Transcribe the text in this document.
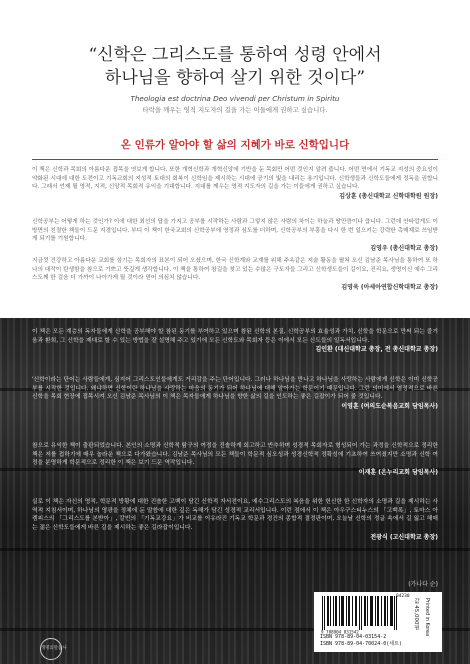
“신학은 그리스도를 통하여 성령 안에서
하나님을 향하여 살기 위한 것이다”
Theologia est doctrina Deo vivendi per Christum in Spiritu
타락을 깨우는 영적 지도자의 길을 가는 이들에게 권하고 싶습니다.
온 인류가 알아야 할 삶의 지혜가 바로 신학입니다
이 책은 신학과 목회의 아름다운 접목을 엿보게 합니다. 또한 개혁신학과 개혁신앙에 기반을 둔 목회만 어떤 것인지 알려 줍니다. 어떤 면에서 기독교 지성의 중요성이 약화된 시대에 대한 도전이고 기독교회의 지성적 토대의 회복이 신학임을 제시하는 시대에 공기의 빛을 내리는 용기입니다. 신학생들과 신학도들에게 정독을 권합니다. 그래서 언제 될 영적, 지적, 신앙적 목회적 유익을 기대합니다. 지대를 깨우는 영적 지도자의 길을 가는 이들에게 권하고 싶습니다.
김상훈 (총신대학교 신학대학원 원장)
신학공부는 어떻게 하는 것인가? 이에 대한 최선의 답을 가지고 공부를 시작하는 사람과 그렇지 않은 사람의 차이는 하늘과 땅만큼이나 큽니다. 그런데 안타깝게도 이 방면의 친절한 책들이 드문 지경입니다. 부디 이 책이 한국교회의 신학공부에 영정과 심도를 더하며, 신학공부의 부흥을 다시 한 번 일으키는 강력한 촉매제로 쓰임받게 되기를 기원합니다.
김영우 (총신대학교 총장)
지금껏 건강하고 아름다운 교회를 섬기는 목회자의 표본이 되어 오셨으며, 한국 신학계와 교계를 위해 주옥같은 저술 활동을 펼쳐 오신 김남준 목사님을 통하여 또 하나의 대작이 탄생함을 참으로 기쁘고 뜻깊게 생각합니다. 이 책을 통하여 참길을 찾고 있는 수많은 구도자들 그리고 신학생도들이 길이요, 진리요, 생명이신 예수 그리스도께 한 걸음 더 가까이 나아가게 될 것이라 믿어 의심치 않습니다.
김영욱 (아세아연합신학대학교 총장)
이 책은 모든 계층의 독자들에게 신학을 공부해야 할 참된 동기를 부여하고 있으며 참된 신학의 본질, 신학공부의 효율성과 가치, 신학을 학문으로 만써 되는 즐거움과 환희, 그 신학을 제대로 할 수 있는 방법을 잘 설명해 주고 있기에 모든 신학도와 목회자 등은 이에서 모든 신도들의 일독서입니다.
김인환 (대신대학교 총장, 전 총신대학교 총장)
'신학이라는 단어는 사람들에게, 심지어 그리스도인들에게도 거리감을 주는 단어입니다. 그러나 하나님을 만나고 하나님을 사랑하는 사람에게 신학은 이미 신학공부를 시작한 것입니다. 왜냐하면 신학이란 하나님을 사랑하는 마음의 동기가 되어 하나님에 대해 알아가는 학문이기 때문입니다. 그런 의미에서 열정적으로 바른 신학을 목회 현장에 접목시켜 오신 김남준 목사님의 이 책은 목자들에게 하나님을 향한 삶의 길을 인도하는 좋은 길잡이가 되어 줄 것입니다.
이영훈 (여의도순복음교회 담임목사)
참으로 유익한 책이 출판되었습니다. 본인의 소명과 신학적 탐구의 여정을 진솔하게 회고하고 반추하며 성경적 목회자로 형성되어 가는 과정을 신학적으로 정리한 책은 저를 접하기에 매우 놀라운 책으로 다가왔습니다. 김남준 목사님의 모든 책들이 학문적 심오성과 성경신학적 정확성에 기초하여 쓰여졌지만 소명과 신학 여정을 분명하게 학문적으로 정리한 이 책은 보기 드문 역작입니다.
이재훈 (온누리교회 담임목사)
실로 이 책은 자신의 영적, 학문적 방황에 대한 진솔한 고백이 담긴 신학적 자서전이요, 예수그리스도의 복음을 위한 헌신한 한 신학자의 소명과 길을 제시하는 사역적 지침서이며, 하나님의 영광을 정체에 둔 말씀에 대한 깊은 독해가 담긴 성경적 교리서입니다. 이런 점에서 이 책은 아우구스티누스의 「고백록」, 토마스 아 켐피스의 「그리스도를 본받아」, 칼빈의 「기독교강요」가 비교를 이유라진 기독교 학문과 경건의 종합적 결정판이며, 오늘날 신학의 정글 속에서 길 잃고 헤매는 젊은 신학도들에게 바른 길을 제시하는 좋은 길라잡이입니다.
전광식 (고신대학교 총장)
(가나다 순)
9 788904 031542
04230
ISBN 978-89-04-03154-2
ISBN 978-89-04-70024-0(세트)
값 45,000원 Printed in Korea
생명의말씀사
